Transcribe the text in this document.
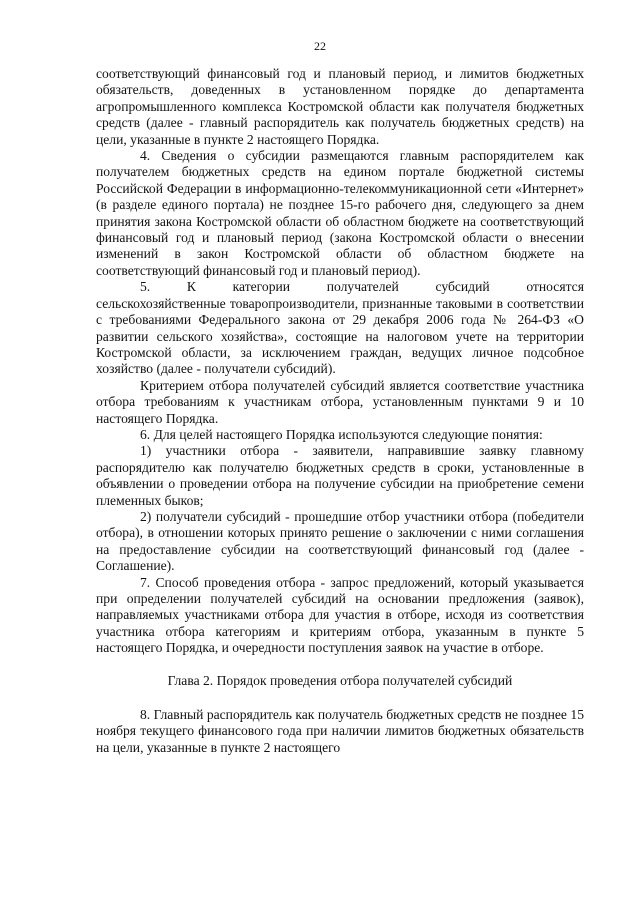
22

соответствующий финансовый год и плановый период, и лимитов бюджетных обязательств, доведенных в установленном порядке до департамента агропромышленного комплекса Костромской области как получателя бюджетных средств (далее - главный распорядитель как получатель бюджетных средств) на цели, указанные в пункте 2 настоящего Порядка.

4. Сведения о субсидии размещаются главным распорядителем как получателем бюджетных средств на едином портале бюджетной системы Российской Федерации в информационно-телекоммуникационной сети «Интернет» (в разделе единого портала) не позднее 15-го рабочего дня, следующего за днем принятия закона Костромской области об областном бюджете на соответствующий финансовый год и плановый период (закона Костромской области о внесении изменений в закон Костромской области об областном бюджете на соответствующий финансовый год и плановый период).

5.	К	категории	получателей	субсидий	относятся

сельскохозяйственные товаропроизводители, признанные таковыми в соответствии с требованиями Федерального закона от 29 декабря 2006 года № 264-ФЗ «О развитии сельского хозяйства», состоящие на налоговом учете на территории Костромской области, за исключением граждан, ведущих личное подсобное хозяйство (далее - получатели субсидий).

Критерием отбора получателей субсидий является соответствие участника отбора требованиям к участникам отбора, установленным пунктами 9 и 10 настоящего Порядка.

6. Для целей настоящего Порядка используются следующие понятия:

1) участники отбора - заявители, направившие заявку главному распорядителю как получателю бюджетных средств в сроки, установленные в объявлении о проведении отбора на получение субсидии на приобретение семени племенных быков;

2) получатели субсидий - прошедшие отбор участники отбора (победители отбора), в отношении которых принято решение о заключении с ними соглашения на предоставление субсидии на соответствующий финансовый год (далее - Соглашение).

7. Способ проведения отбора - запрос предложений, который указывается при определении получателей субсидий на основании предложения (заявок), направляемых участниками отбора для участия в отборе, исходя из соответствия участника отбора категориям и критериям отбора, указанным в пункте 5 настоящего Порядка, и очередности поступления заявок на участие в отборе.

Глава 2. Порядок проведения отбора получателей субсидий

8. Главный распорядитель как получатель бюджетных средств не позднее 15 ноября текущего финансового года при наличии лимитов бюджетных обязательств на цели, указанные в пункте 2 настоящего
